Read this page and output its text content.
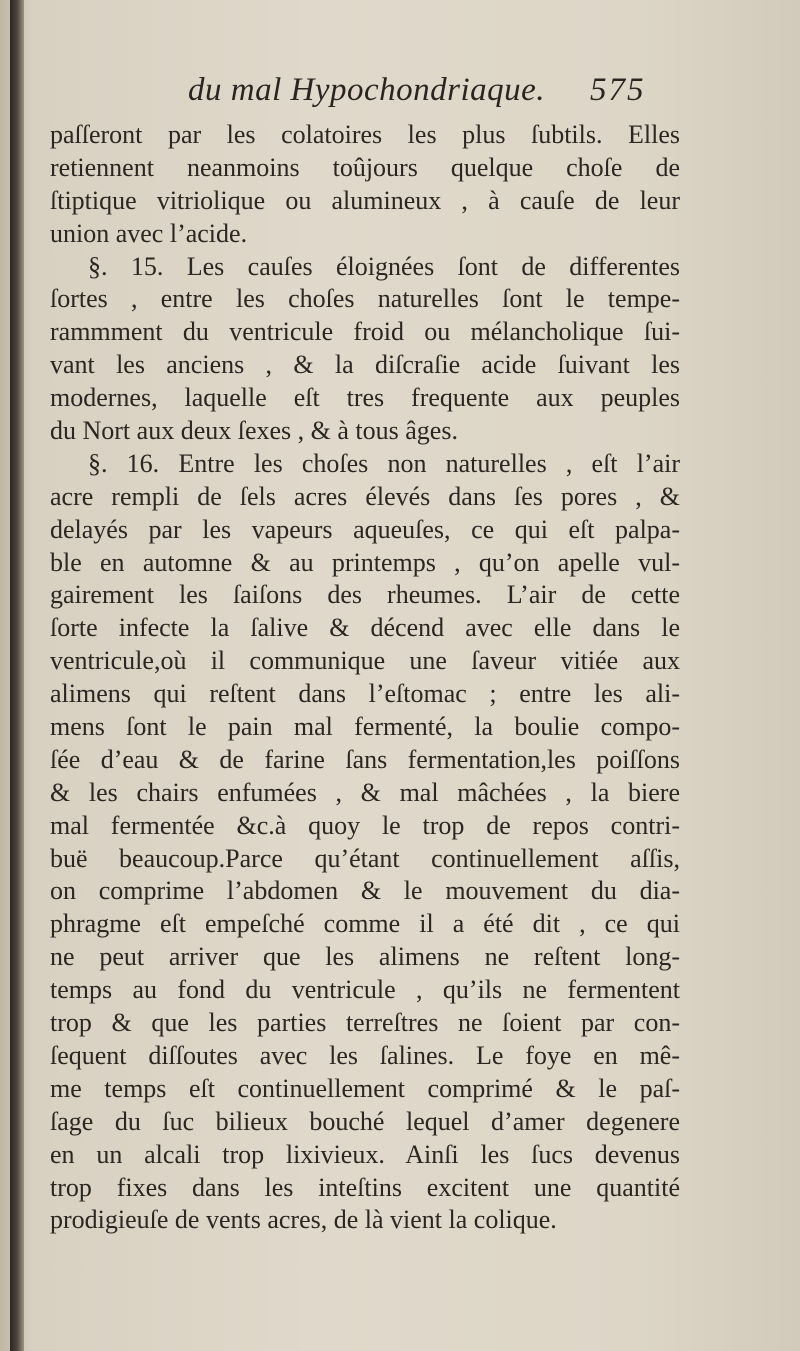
du mal Hypochondriaque. 575
paſſeront par les colatoires les plus ſubtils. Elles
retiennent neanmoins toûjours quelque choſe de
ſtiptique vitriolique ou alumineux , à cauſe de leur
union avec l’acide.
§. 15. Les cauſes éloignées ſont de differentes
ſortes , entre les choſes naturelles ſont le tempe-
rammment du ventricule froid ou mélancholique ſui-
vant les anciens , & la diſcraſie acide ſuivant les
modernes, laquelle eſt tres frequente aux peuples
du Nort aux deux ſexes , & à tous âges.
§. 16. Entre les choſes non naturelles , eſt l’air
acre rempli de ſels acres élevés dans ſes pores , &
delayés par les vapeurs aqueuſes, ce qui eſt palpa-
ble en automne & au printemps , qu’on apelle vul-
gairement les ſaiſons des rheumes. L’air de cette
ſorte infecte la ſalive & décend avec elle dans le
ventricule,où il communique une ſaveur vitiée aux
alimens qui reſtent dans l’eſtomac ; entre les ali-
mens ſont le pain mal fermenté, la boulie compo-
ſée d’eau & de farine ſans fermentation,les poiſſons
& les chairs enfumées , & mal mâchées , la biere
mal fermentée &c.à quoy le trop de repos contri-
buë beaucoup.Parce qu’étant continuellement aſſis,
on comprime l’abdomen & le mouvement du dia-
phragme eſt empeſché comme il a été dit , ce qui
ne peut arriver que les alimens ne reſtent long-
temps au fond du ventricule , qu’ils ne fermentent
trop & que les parties terreſtres ne ſoient par con-
ſequent diſſoutes avec les ſalines. Le foye en mê-
me temps eſt continuellement comprimé & le paſ-
ſage du ſuc bilieux bouché lequel d’amer degenere
en un alcali trop lixivieux. Ainſi les ſucs devenus
trop fixes dans les inteſtins excitent une quantité
prodigieuſe de vents acres, de là vient la colique.
